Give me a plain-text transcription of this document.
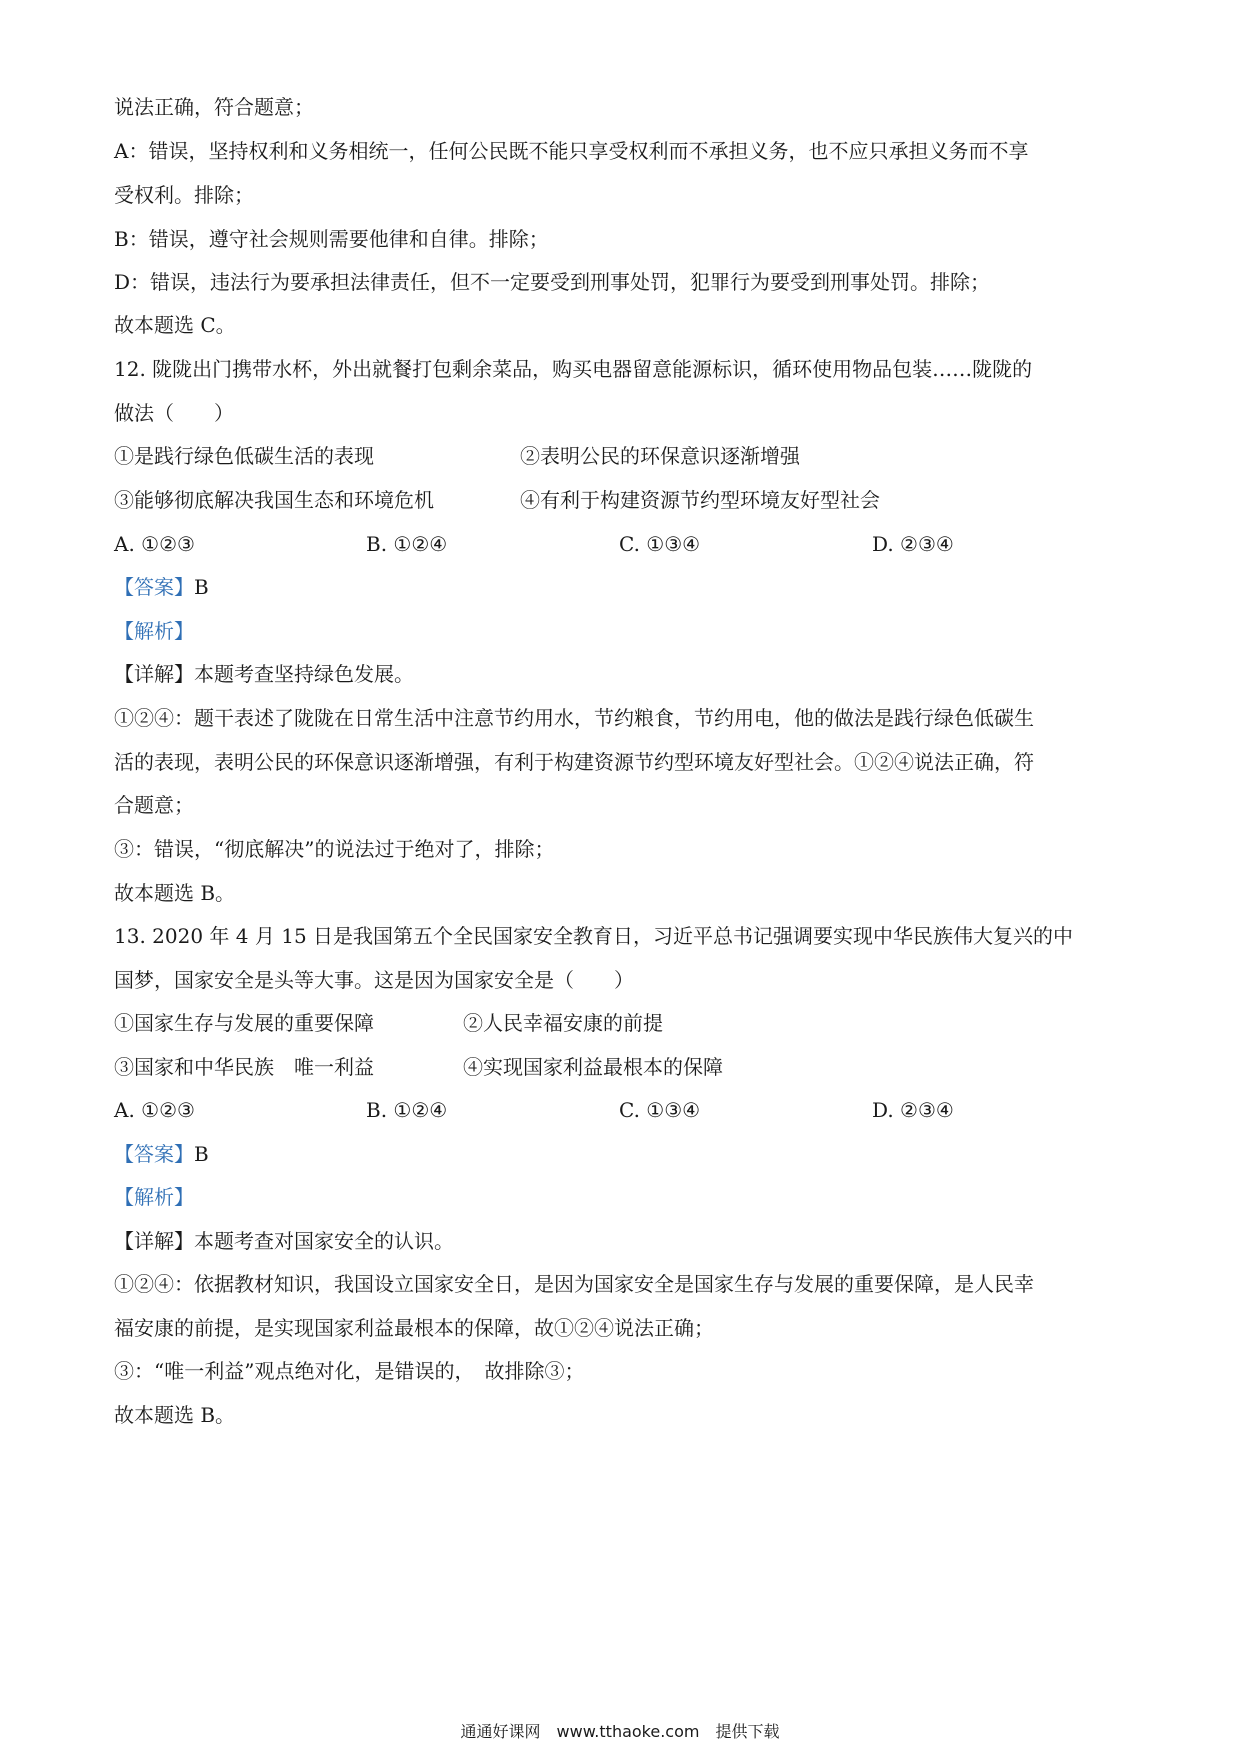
说法正确，符合题意；
A：错误，坚持权利和义务相统一，任何公民既不能只享受权利而不承担义务，也不应只承担义务而不享
受权利。排除；
B：错误，遵守社会规则需要他律和自律。排除；
D：错误，违法行为要承担法律责任，但不一定要受到刑事处罚，犯罪行为要受到刑事处罚。排除；
故本题选 C。
12. 陇陇出门携带水杯，外出就餐打包剩余菜品，购买电器留意能源标识，循环使用物品包装……陇陇的
做法（　　）
①是践行绿色低碳生活的表现	②表明公民的环保意识逐渐增强
③能够彻底解决我国生态和环境危机	④有利于构建资源节约型环境友好型社会
A. ①②③	B. ①②④	C. ①③④	D. ②③④
【答案】B
【解析】
【详解】本题考查坚持绿色发展。
①②④：题干表述了陇陇在日常生活中注意节约用水，节约粮食，节约用电，他的做法是践行绿色低碳生
活的表现，表明公民的环保意识逐渐增强，有利于构建资源节约型环境友好型社会。①②④说法正确，符
合题意；
③：错误，“彻底解决”的说法过于绝对了，排除；
故本题选 B。
13. 2020 年 4 月 15 日是我国第五个全民国家安全教育日，习近平总书记强调要实现中华民族伟大复兴的中
国梦，国家安全是头等大事。这是因为国家安全是（　　）
①国家生存与发展的重要保障	②人民幸福安康的前提
③国家和中华民族　唯一利益	④实现国家利益最根本的保障
A. ①②③	B. ①②④	C. ①③④	D. ②③④
【答案】B
【解析】
【详解】本题考查对国家安全的认识。
①②④：依据教材知识，我国设立国家安全日，是因为国家安全是国家生存与发展的重要保障，是人民幸
福安康的前提，是实现国家利益最根本的保障，故①②④说法正确；
③：“唯一利益”观点绝对化，是错误的，　故排除③；
故本题选 B。
通通好课网　www.tthaoke.com　提供下载
